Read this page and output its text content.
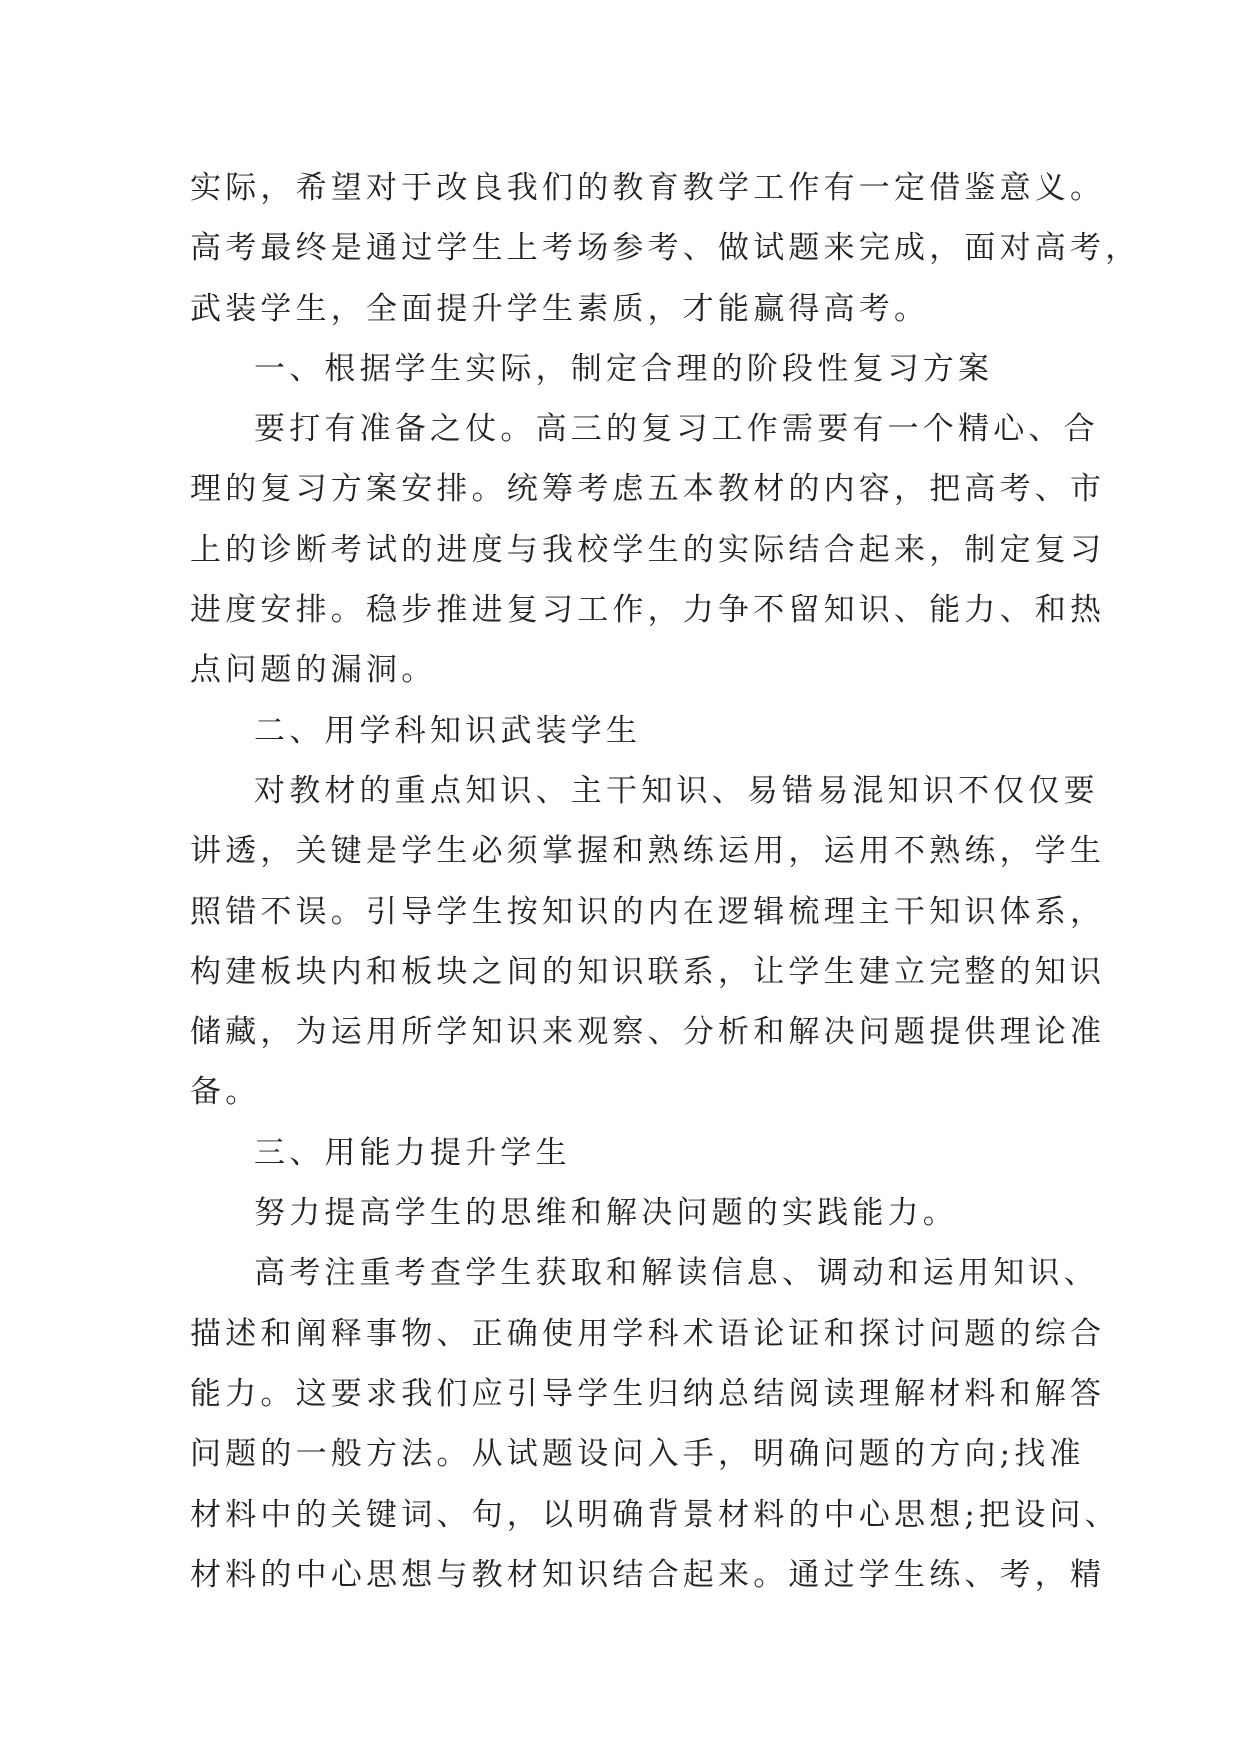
实际，希望对于改良我们的教育教学工作有一定借鉴意义。
高考最终是通过学生上考场参考、做试题来完成，面对高考，
武装学生，全面提升学生素质，才能赢得高考。
一、根据学生实际，制定合理的阶段性复习方案
要打有准备之仗。高三的复习工作需要有一个精心、合
理的复习方案安排。统筹考虑五本教材的内容，把高考、市
上的诊断考试的进度与我校学生的实际结合起来，制定复习
进度安排。稳步推进复习工作，力争不留知识、能力、和热
点问题的漏洞。
二、用学科知识武装学生
对教材的重点知识、主干知识、易错易混知识不仅仅要
讲透，关键是学生必须掌握和熟练运用，运用不熟练，学生
照错不误。引导学生按知识的内在逻辑梳理主干知识体系，
构建板块内和板块之间的知识联系，让学生建立完整的知识
储藏，为运用所学知识来观察、分析和解决问题提供理论准
备。
三、用能力提升学生
努力提高学生的思维和解决问题的实践能力。
高考注重考查学生获取和解读信息、调动和运用知识、
描述和阐释事物、正确使用学科术语论证和探讨问题的综合
能力。这要求我们应引导学生归纳总结阅读理解材料和解答
问题的一般方法。从试题设问入手，明确问题的方向;找准
材料中的关键词、句，以明确背景材料的中心思想;把设问、
材料的中心思想与教材知识结合起来。通过学生练、考，精
